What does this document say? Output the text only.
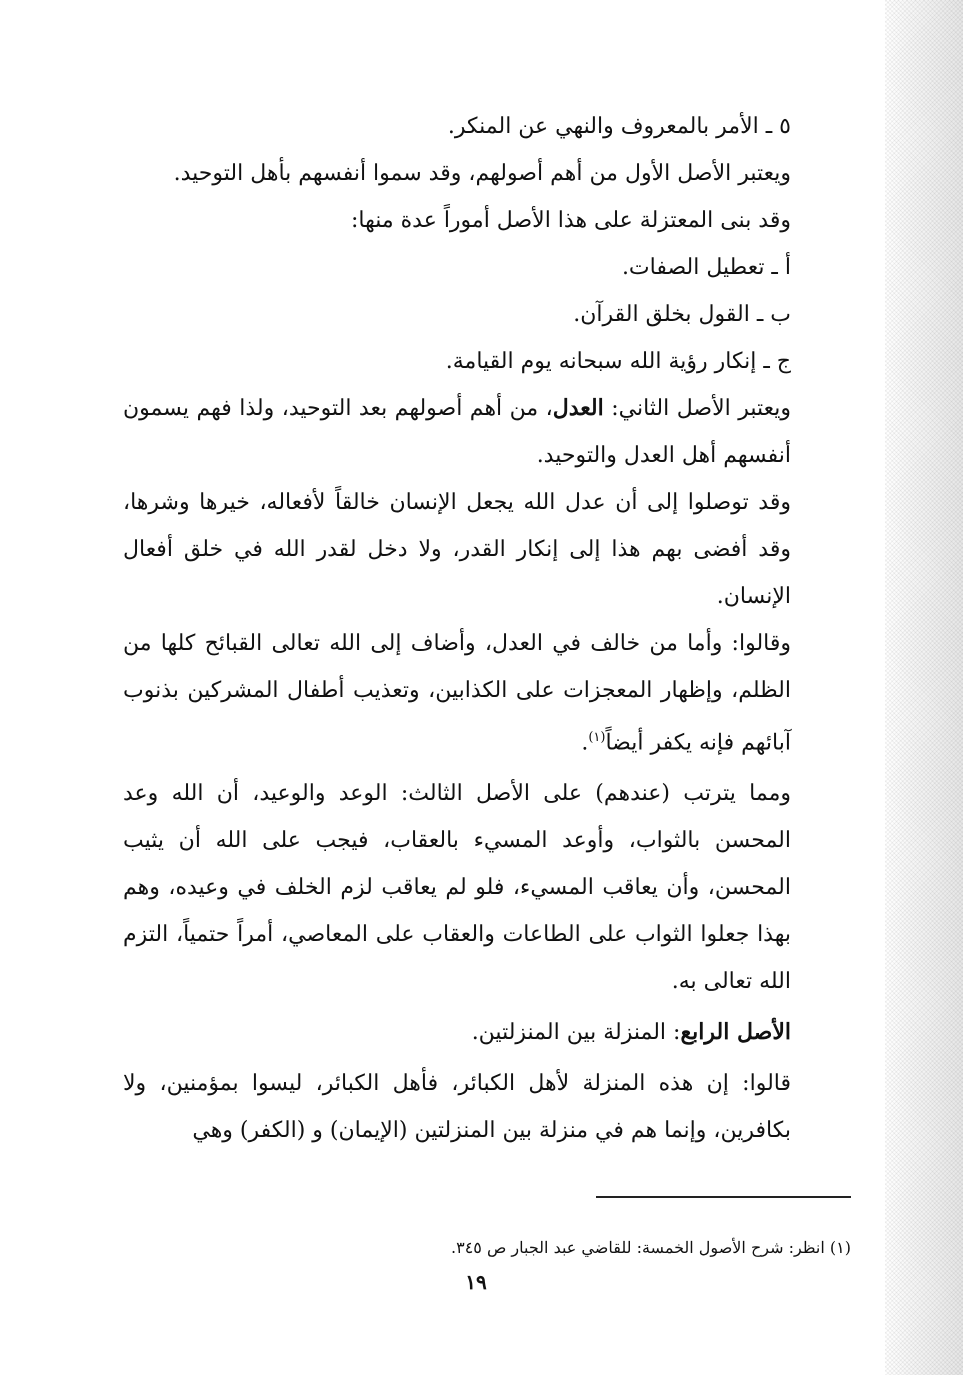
٥ ـ الأمر بالمعروف والنهي عن المنكر.

ويعتبر الأصل الأول من أهم أصولهم، وقد سموا أنفسهم بأهل التوحيد.

وقد بنى المعتزلة على هذا الأصل أموراً عدة منها:

أ ـ تعطيل الصفات.

ب ـ القول بخلق القرآن.

ج ـ إنكار رؤية الله سبحانه يوم القيامة.

ويعتبر الأصل الثاني: العدل، من أهم أصولهم بعد التوحيد، ولذا فهم يسمون أنفسهم أهل العدل والتوحيد.

وقد توصلوا إلى أن عدل الله يجعل الإنسان خالقاً لأفعاله، خيرها وشرها، وقد أفضى بهم هذا إلى إنكار القدر، ولا دخل لقدر الله في خلق أفعال الإنسان.

وقالوا: وأما من خالف في العدل، وأضاف إلى الله تعالى القبائح كلها من الظلم، وإظهار المعجزات على الكذابين، وتعذيب أطفال المشركين بذنوب آبائهم فإنه يكفر أيضاً$^{(١)}$.

ومما يترتب (عندهم) على الأصل الثالث: الوعد والوعيد، أن الله وعد المحسن بالثواب، وأوعد المسيء بالعقاب، فيجب على الله أن يثيب المحسن، وأن يعاقب المسيء، فلو لم يعاقب لزم الخلف في وعيده، وهم بهذا جعلوا الثواب على الطاعات والعقاب على المعاصي، أمراً حتمياً، التزم الله تعالى به.

الأصل الرابع: المنزلة بين المنزلتين.

قالوا: إن هذه المنزلة لأهل الكبائر، فأهل الكبائر، ليسوا بمؤمنين، ولا بكافرين، وإنما هم في منزلة بين المنزلتين (الإيمان) و (الكفر) وهي

(١) انظر: شرح الأصول الخمسة: للقاضي عبد الجبار ص ٣٤٥.

١٩
